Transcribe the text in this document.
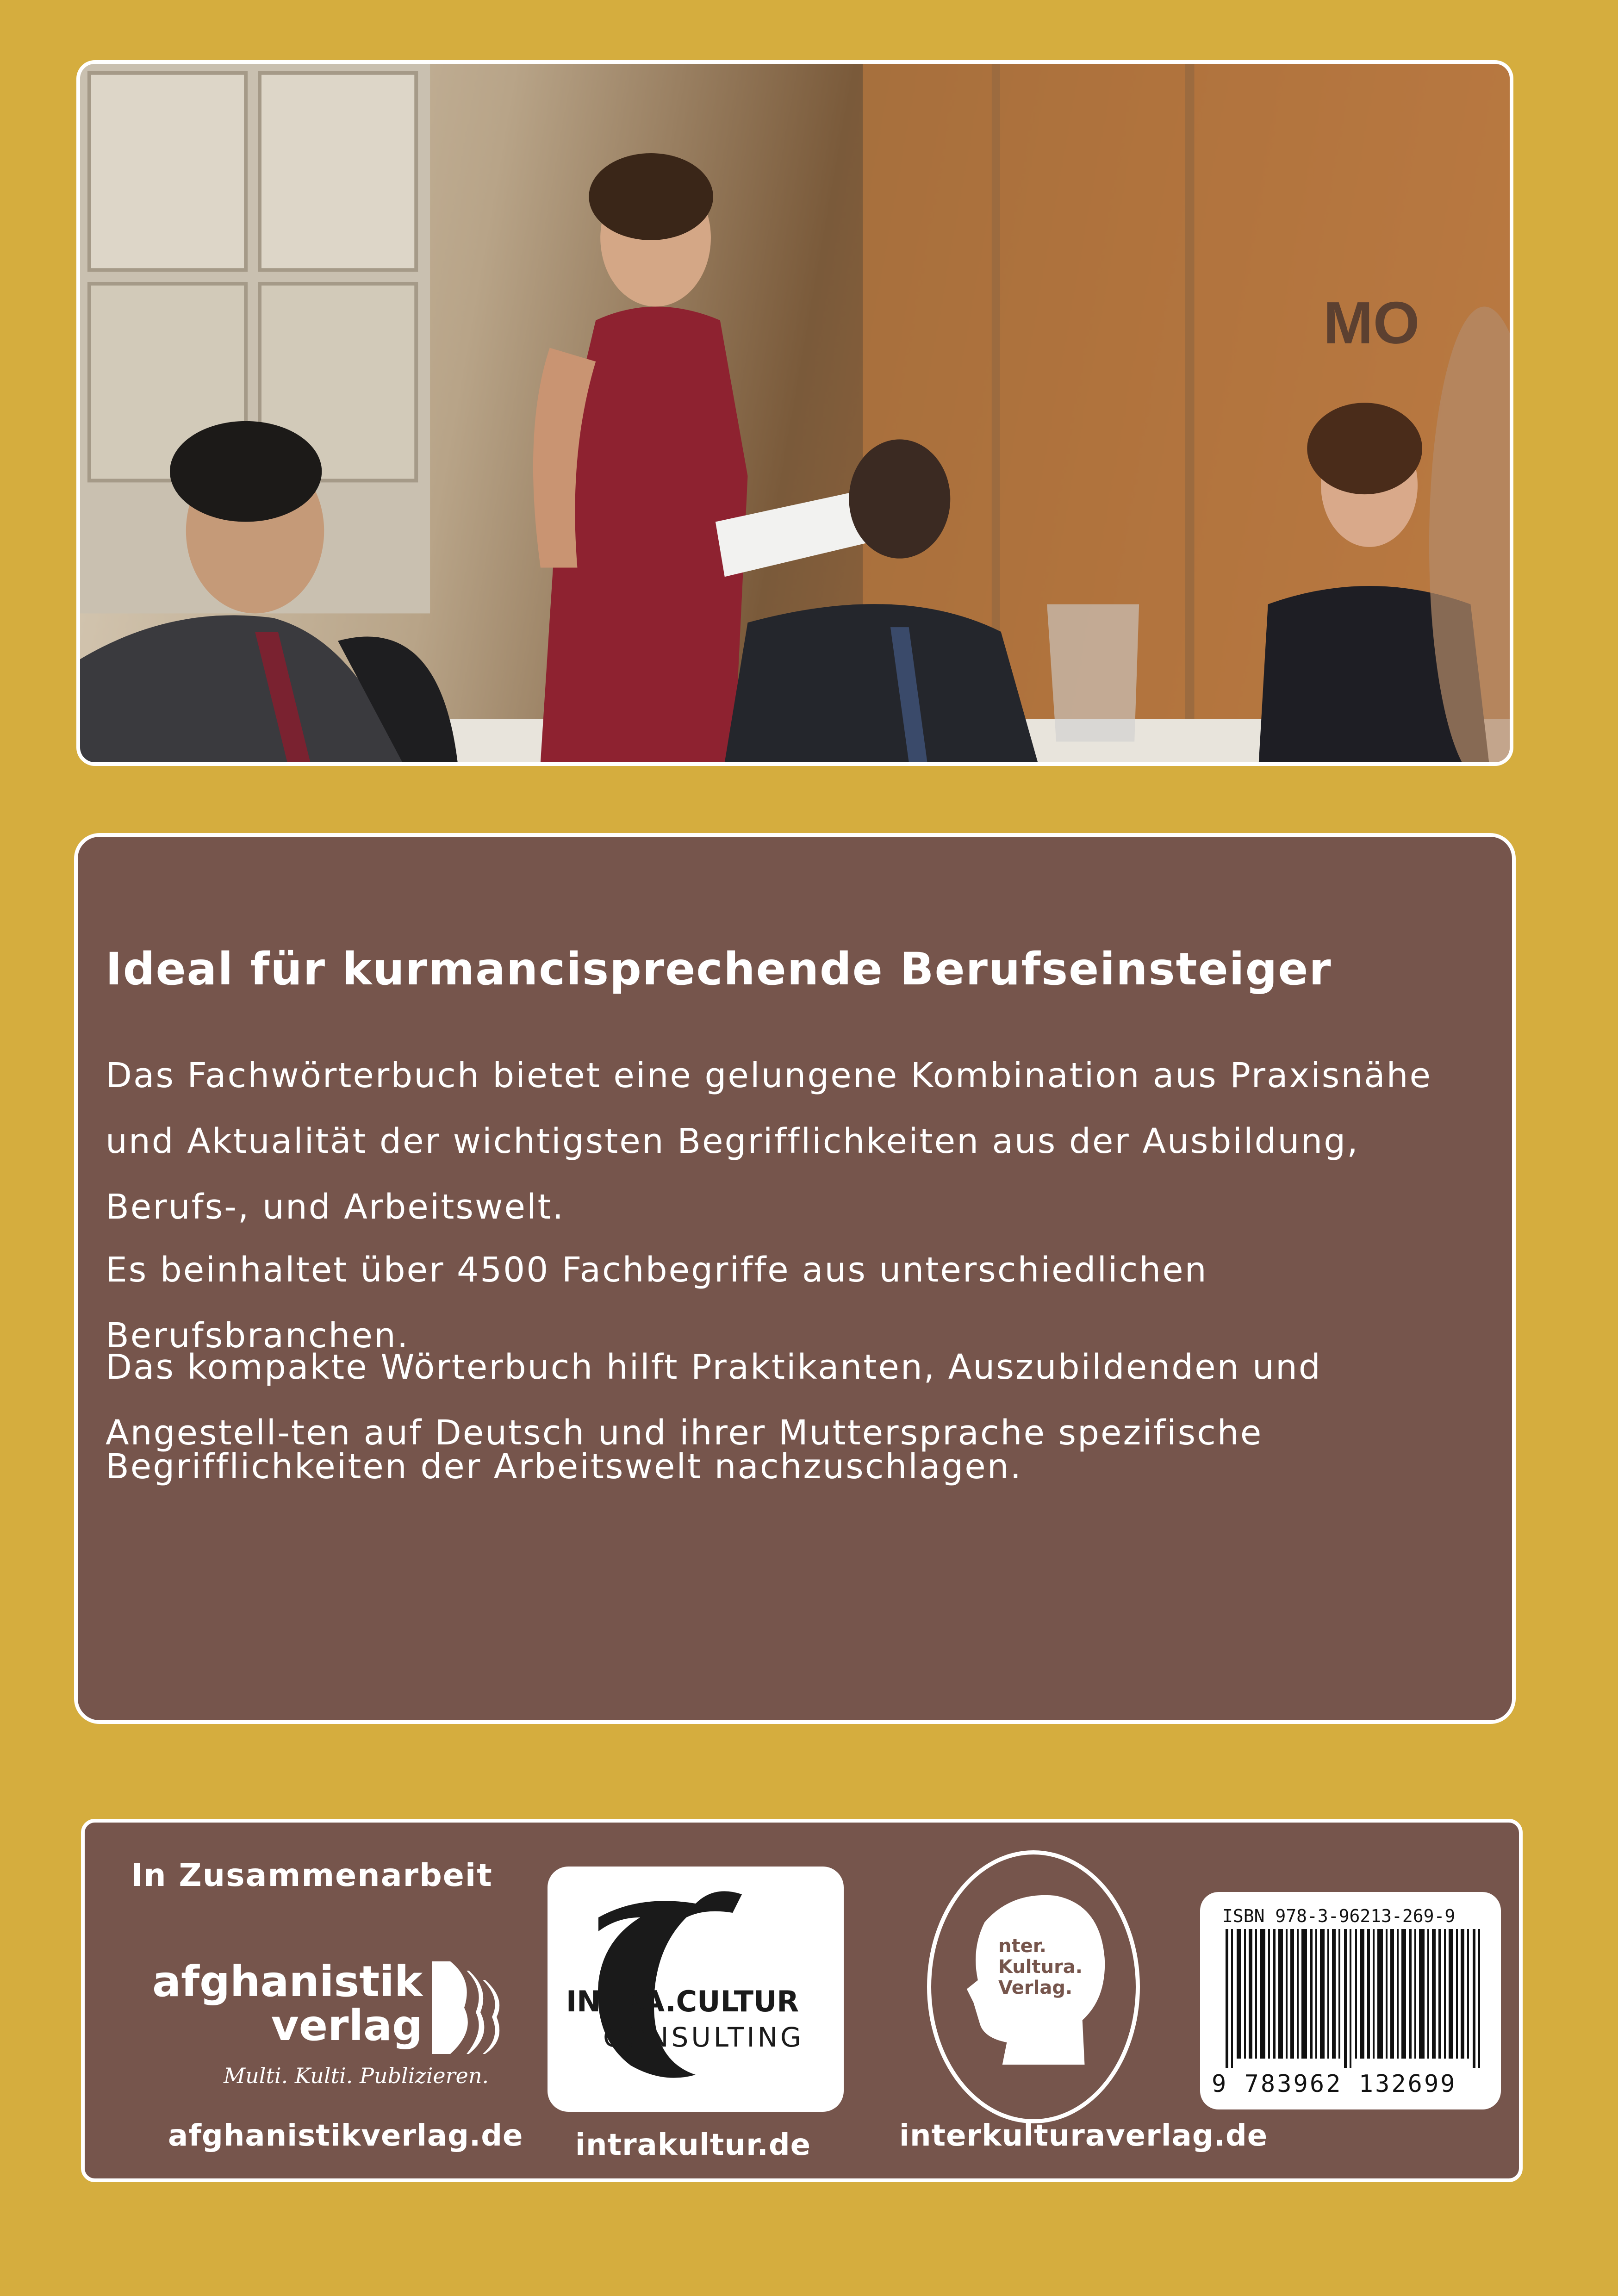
MO
Ideal für kurmancisprechende Berufseinsteiger

Das Fachwörterbuch bietet eine gelungene Kombination aus Praxisnähe und Aktualität der wichtigsten Begrifflichkeiten aus der Ausbildung, Berufs-, und Arbeitswelt.

Es beinhaltet über 4500 Fachbegriffe aus unterschiedlichen Berufsbranchen.

Das kompakte Wörterbuch hilft Praktikanten, Auszubildenden und Angestell-ten auf Deutsch und ihrer Muttersprache spezifische

Begrifflichkeiten der Arbeitswelt nachzuschlagen.

In Zusammenarbeit
afghanistik
verlag
Multi. Kulti. Publizieren.
afghanistikverlag.de
INTRA.CULTUR
CONSULTING
intrakultur.de
nter.
Kultura.
Verlag.
interkulturaverlag.de
ISBN 978-3-96213-269-9
9 783962 132699
